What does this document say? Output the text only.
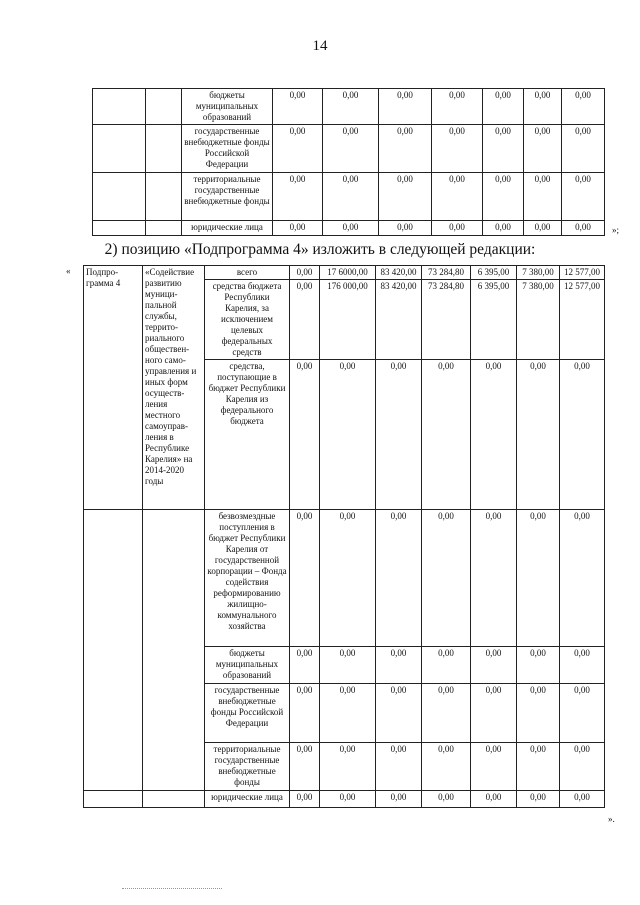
14
		бюджеты муниципальных образований	0,00	0,00	0,00	0,00	0,00	0,00	0,00
		государственные внебюджетные фонды Российской Федерации	0,00	0,00	0,00	0,00	0,00	0,00	0,00
		территориальные государственные внебюджетные фонды	0,00	0,00	0,00	0,00	0,00	0,00	0,00
		юридические лица	0,00	0,00	0,00	0,00	0,00	0,00	0,00 »;
2) позицию «Подпрограмма 4» изложить в следующей редакции:
« Подпро-грамма 4	«Содействие развитию муници-пальной службы, террито-риального обществен-ного само-управления и иных форм осуществ-ления местного самоуправ-ления в Республике Карелия» на 2014-2020 годы	всего	0,00	17 6000,00	83 420,00	73 284,80	6 395,00	7 380,00	12 577,00
		средства бюджета Республики Карелия, за исключением целевых федеральных средств	0,00	176 000,00	83 420,00	73 284,80	6 395,00	7 380,00	12 577,00
		средства, поступающие в бюджет Республики Карелия из федерального бюджета	0,00	0,00	0,00	0,00	0,00	0,00	0,00
		безвозмездные поступления в бюджет Республики Карелия от государственной корпорации – Фонда содействия реформированию жилищно-коммунального хозяйства	0,00	0,00	0,00	0,00	0,00	0,00	0,00
		бюджеты муниципальных образований	0,00	0,00	0,00	0,00	0,00	0,00	0,00
		государственные внебюджетные фонды Российской Федерации	0,00	0,00	0,00	0,00	0,00	0,00	0,00
		территориальные государственные внебюджетные фонды	0,00	0,00	0,00	0,00	0,00	0,00	0,00
		юридические лица	0,00	0,00	0,00	0,00	0,00	0,00	0,00
».
